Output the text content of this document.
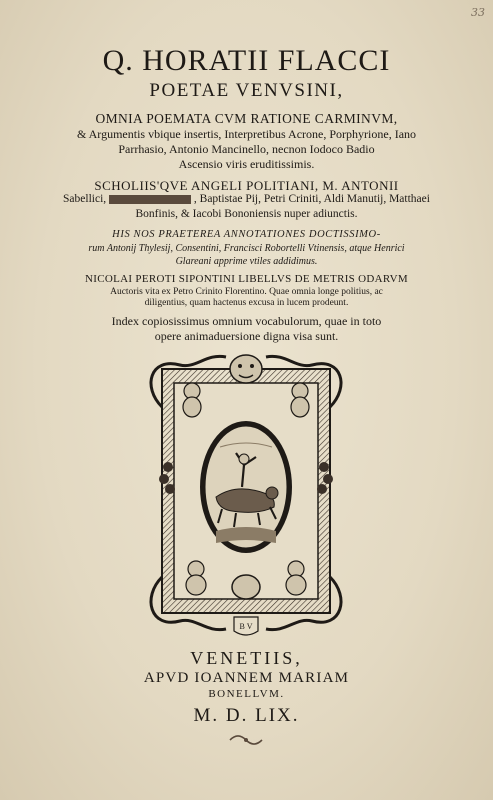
33
Q. HORATII FLACCI
POETAE VENVSINI,
OMNIA POEMATA CVM RATIONE CARMINVM,
& Argumentis vbique insertis, Interpretibus Acrone, Porphyrione, Iano
Parrhasio, Antonio Mancinello, necnon Iodoco Badio
Ascensio viris eruditissimis.
SCHOLIIS'QVE ANGELI POLITIANI, M. ANTONII
Sabellici,	, Baptistae Pij, Petri Criniti, Aldi Manutij, Matthaei
Bonfinis, & Iacobi Bononiensis nuper adiunctis.
HIS NOS PRAETEREA ANNOTATIONES DOCTISSIMO-
rum Antonij Thylesij, Consentini, Francisci Robortelli Vtinensis, atque Henrici
Glareani apprime vtiles addidimus.
NICOLAI PEROTI SIPONTINI LIBELLVS DE METRIS ODARVM
Auctoris vita ex Petro Crinito Florentino. Quae omnia longe politius, ac
diligentius, quam hactenus excusa in lucem prodeunt.
Index copiosissimus omnium vocabulorum, quae in toto
opere animaduersione digna visa sunt.
B V
VENETIIS,
APVD IOANNEM MARIAM
BONELLVM.
M. D. LIX.
